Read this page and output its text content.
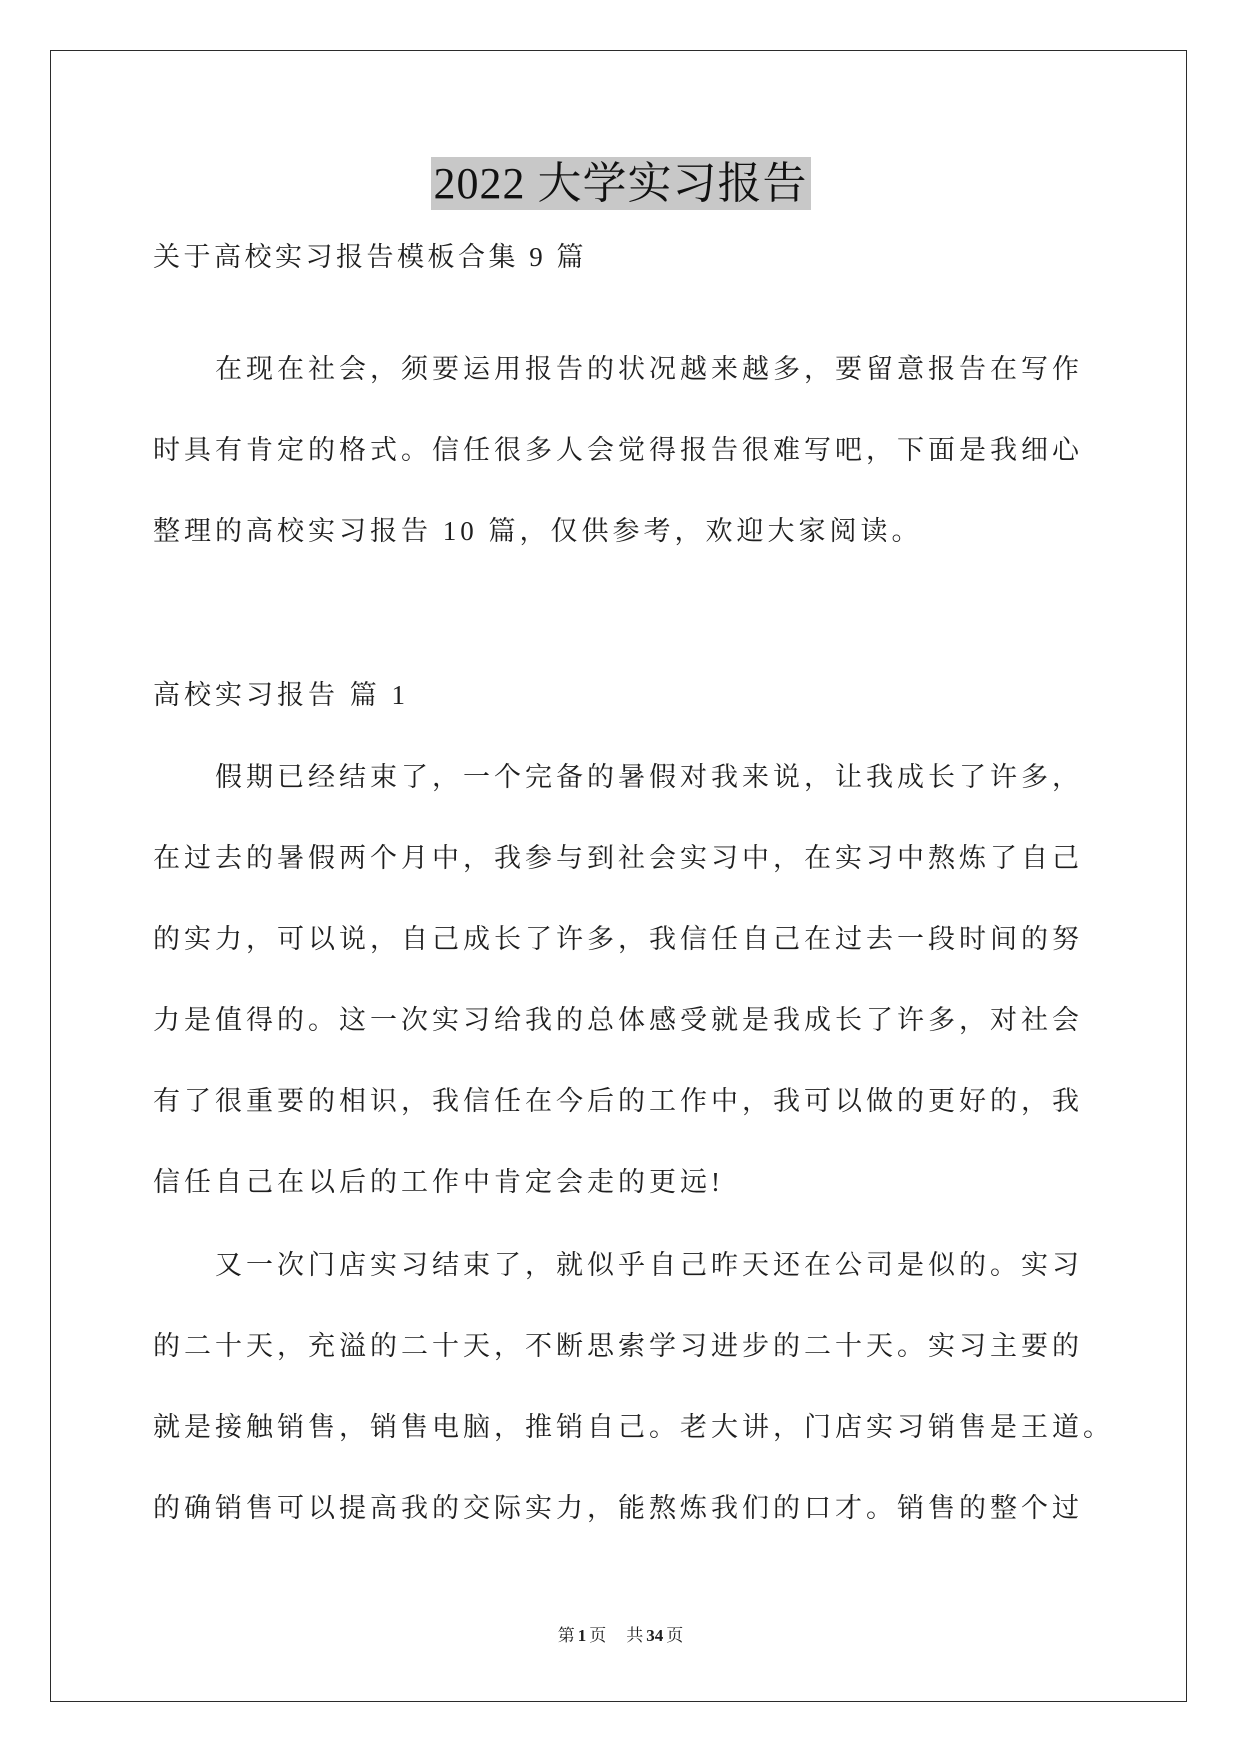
2022 大学实习报告
关于高校实习报告模板合集 9 篇
在现在社会，须要运用报告的状况越来越多，要留意报告在写作
时具有肯定的格式。信任很多人会觉得报告很难写吧，下面是我细心
整理的高校实习报告 10 篇，仅供参考，欢迎大家阅读。
高校实习报告 篇 1
假期已经结束了，一个完备的暑假对我来说，让我成长了许多，
在过去的暑假两个月中，我参与到社会实习中，在实习中熬炼了自己
的实力，可以说，自己成长了许多，我信任自己在过去一段时间的努
力是值得的。这一次实习给我的总体感受就是我成长了许多，对社会
有了很重要的相识，我信任在今后的工作中，我可以做的更好的，我
信任自己在以后的工作中肯定会走的更远!
又一次门店实习结束了，就似乎自己昨天还在公司是似的。实习
的二十天，充溢的二十天，不断思索学习进步的二十天。实习主要的
就是接触销售，销售电脑，推销自己。老大讲，门店实习销售是王道。
的确销售可以提高我的交际实力，能熬炼我们的口才。销售的整个过
第 1 页 共 34 页
